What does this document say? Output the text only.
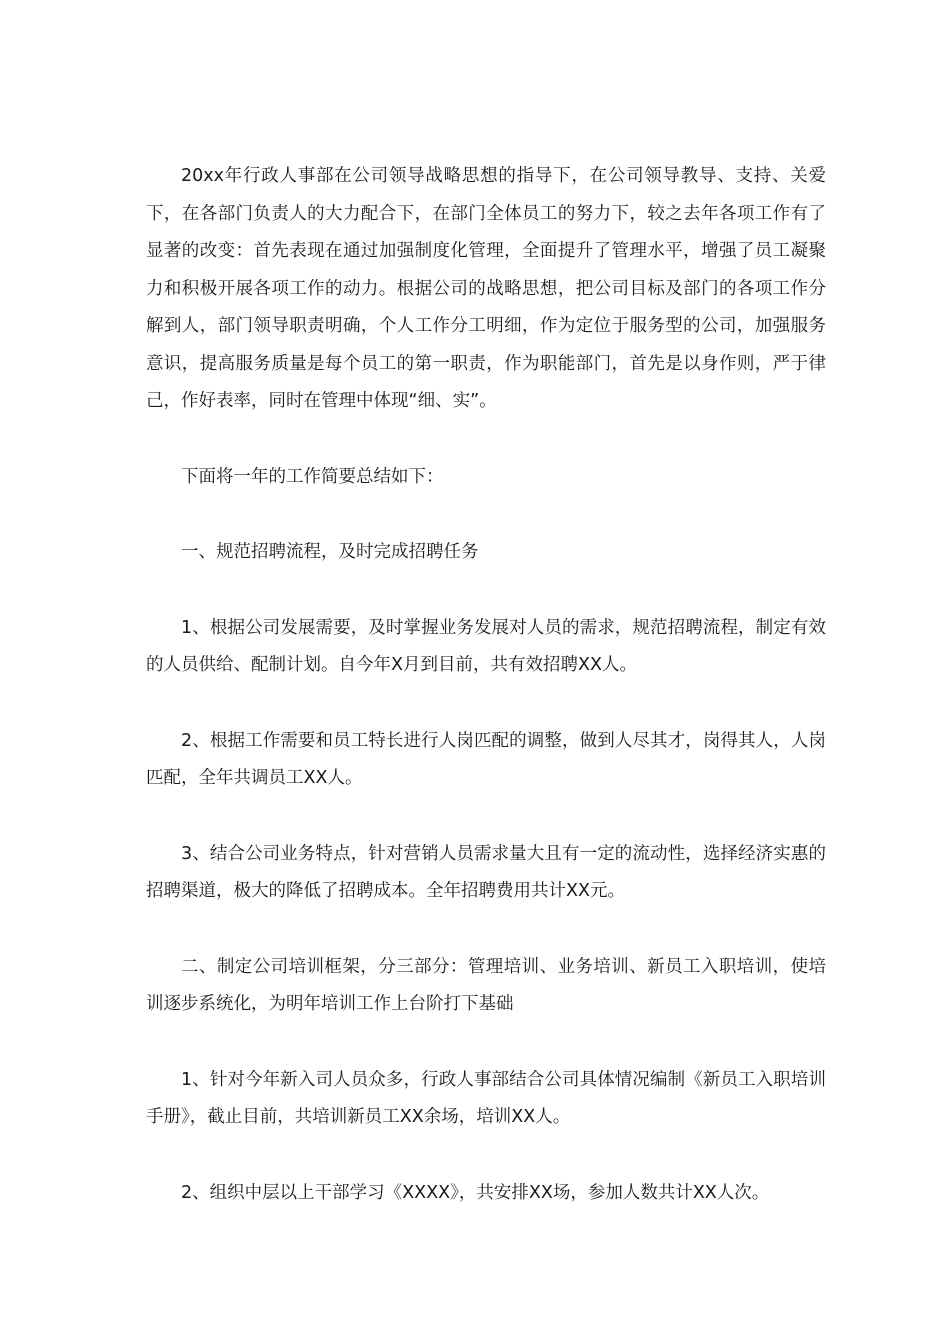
20xx年行政人事部在公司领导战略思想的指导下，在公司领导教导、支持、关爱下，在各部门负责人的大力配合下，在部门全体员工的努力下，较之去年各项工作有了显著的改变：首先表现在通过加强制度化管理，全面提升了管理水平，增强了员工凝聚力和积极开展各项工作的动力。根据公司的战略思想，把公司目标及部门的各项工作分解到人，部门领导职责明确，个人工作分工明细，作为定位于服务型的公司，加强服务意识，提高服务质量是每个员工的第一职责，作为职能部门，首先是以身作则，严于律己，作好表率，同时在管理中体现“细、实”。

下面将一年的工作简要总结如下：

一、规范招聘流程，及时完成招聘任务

1、根据公司发展需要，及时掌握业务发展对人员的需求，规范招聘流程，制定有效的人员供给、配制计划。自今年X月到目前，共有效招聘XX人。

2、根据工作需要和员工特长进行人岗匹配的调整，做到人尽其才，岗得其人，人岗匹配，全年共调员工XX人。

3、结合公司业务特点，针对营销人员需求量大且有一定的流动性，选择经济实惠的招聘渠道，极大的降低了招聘成本。全年招聘费用共计XX元。

二、制定公司培训框架，分三部分：管理培训、业务培训、新员工入职培训，使培训逐步系统化，为明年培训工作上台阶打下基础

1、针对今年新入司人员众多，行政人事部结合公司具体情况编制《新员工入职培训手册》，截止目前，共培训新员工XX余场，培训XX人。

2、组织中层以上干部学习《XXXX》，共安排XX场，参加人数共计XX人次。
